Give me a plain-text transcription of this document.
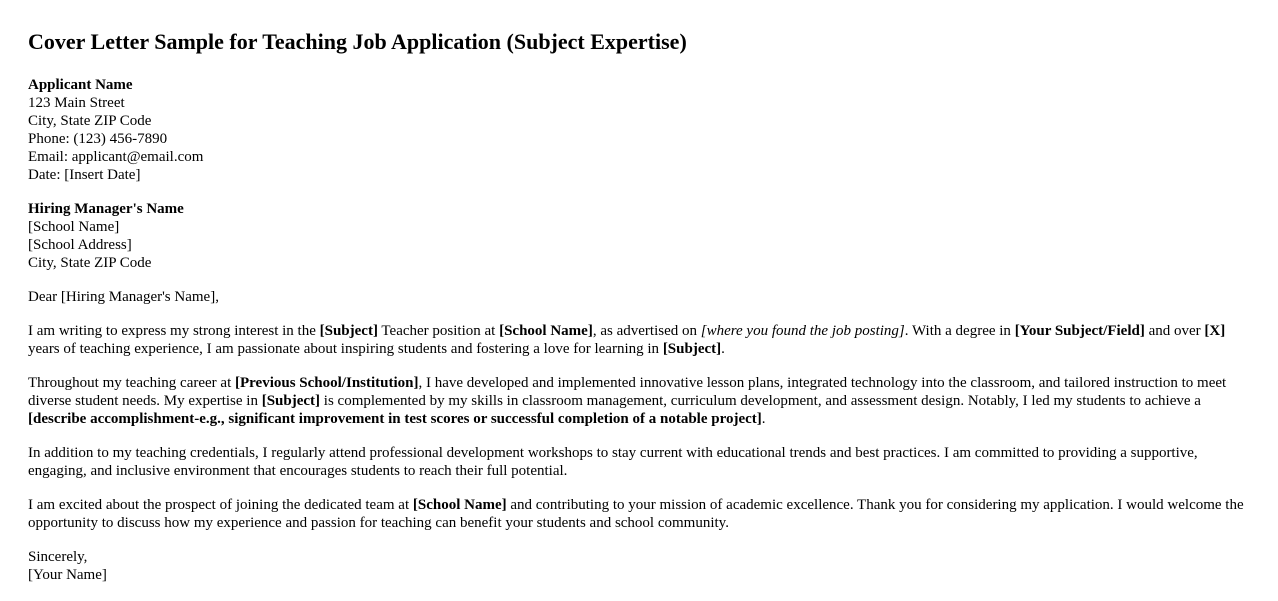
Cover Letter Sample for Teaching Job Application (Subject Expertise)
Applicant Name
123 Main Street
City, State ZIP Code
Phone: (123) 456-7890
Email: applicant@email.com
Date: [Insert Date]
Hiring Manager's Name
[School Name]
[School Address]
City, State ZIP Code

Dear [Hiring Manager's Name],

I am writing to express my strong interest in the [Subject] Teacher position at [School Name], as advertised on [where you found the job posting]. With a degree in [Your Subject/Field] and over [X] years of teaching experience, I am passionate about inspiring students and fostering a love for learning in [Subject].

Throughout my teaching career at [Previous School/Institution], I have developed and implemented innovative lesson plans, integrated technology into the classroom, and tailored instruction to meet diverse student needs. My expertise in [Subject] is complemented by my skills in classroom management, curriculum development, and assessment design. Notably, I led my students to achieve a [describe accomplishment-e.g., significant improvement in test scores or successful completion of a notable project].

In addition to my teaching credentials, I regularly attend professional development workshops to stay current with educational trends and best practices. I am committed to providing a supportive, engaging, and inclusive environment that encourages students to reach their full potential.

I am excited about the prospect of joining the dedicated team at [School Name] and contributing to your mission of academic excellence. Thank you for considering my application. I would welcome the opportunity to discuss how my experience and passion for teaching can benefit your students and school community.

Sincerely,
[Your Name]
